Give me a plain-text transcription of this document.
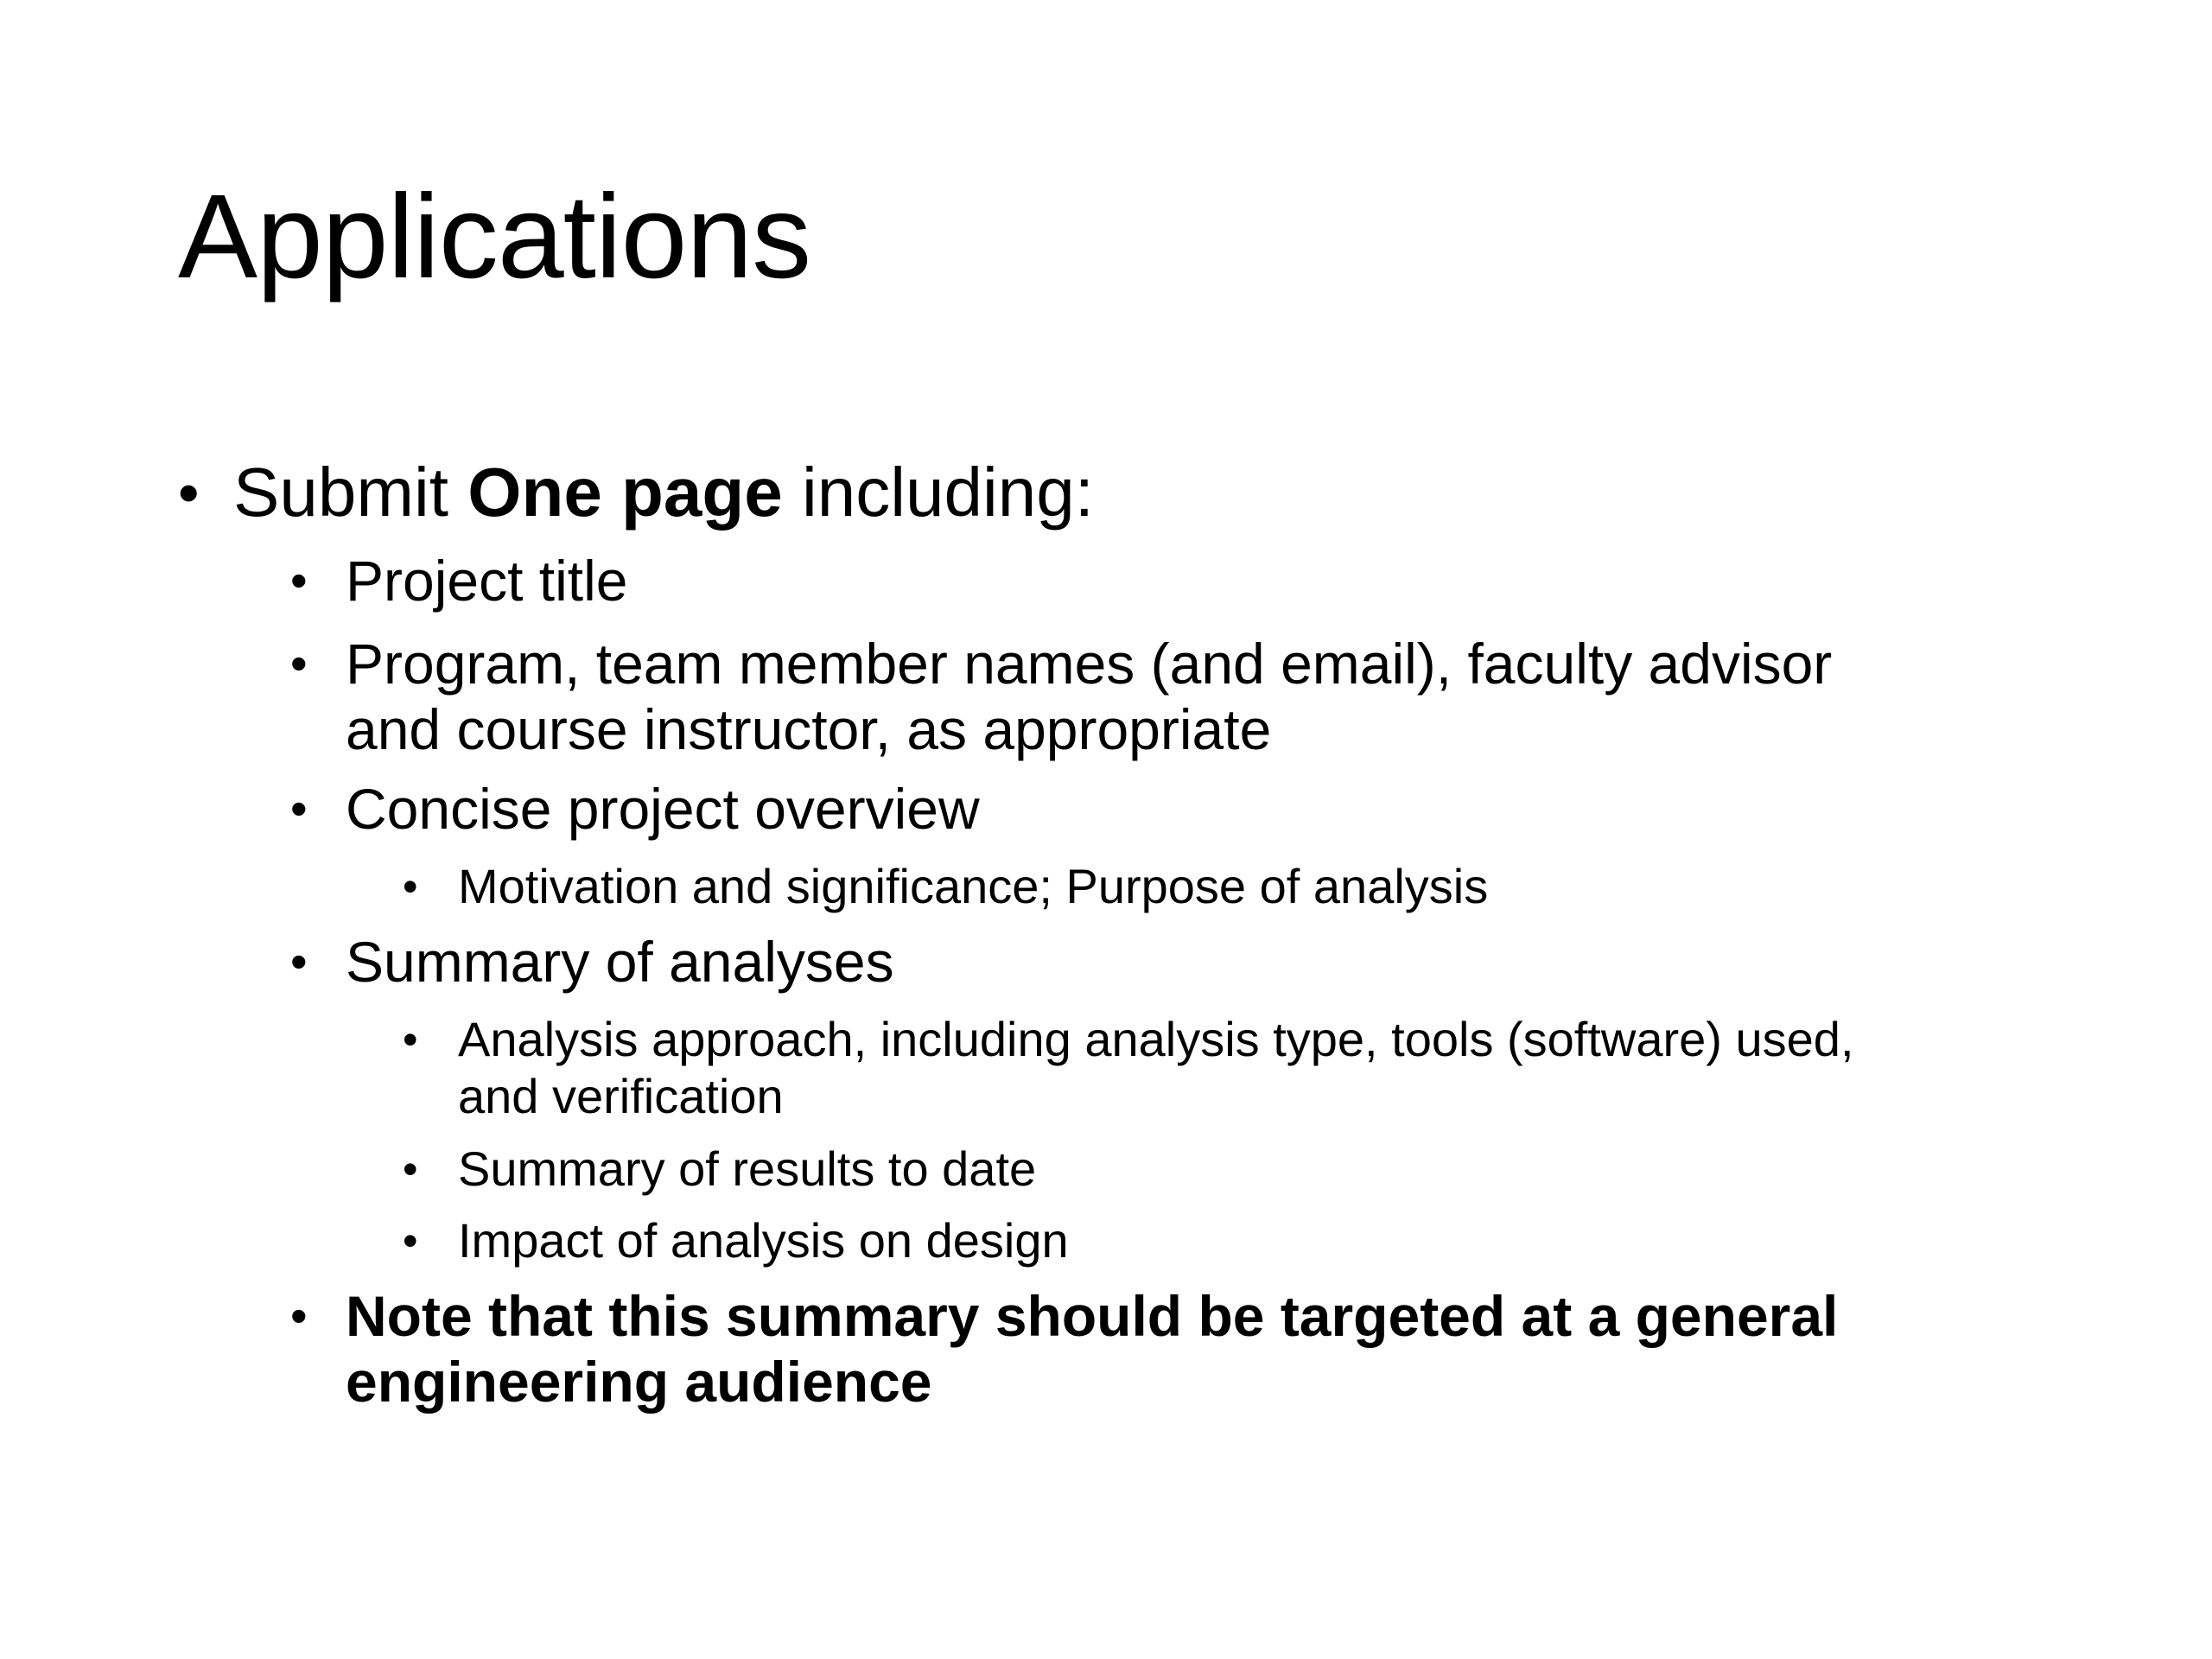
Applications
• Submit One page including:
• Project title
• Program, team member names (and email), faculty advisor
and course instructor, as appropriate
• Concise project overview
• Motivation and significance; Purpose of analysis
• Summary of analyses
• Analysis approach, including analysis type, tools (software) used,
and verification
• Summary of results to date
• Impact of analysis on design
• Note that this summary should be targeted at a general
engineering audience
